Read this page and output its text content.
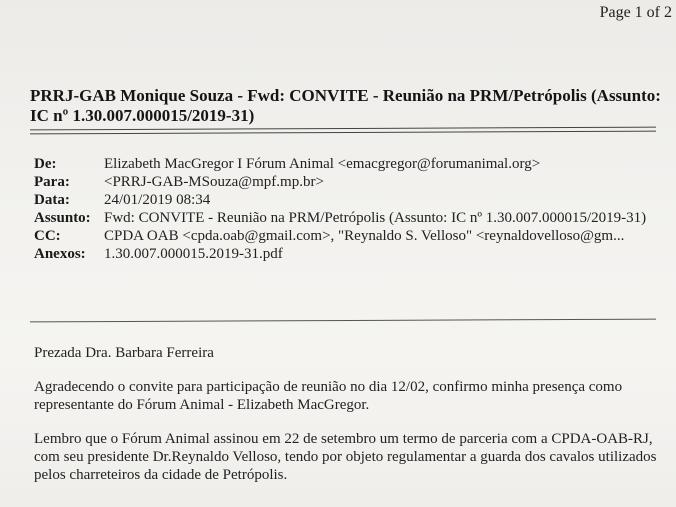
Page 1 of 2
PRRJ-GAB Monique Souza - Fwd: CONVITE - Reunião na PRM/Petrópolis (Assunto: IC nº 1.30.007.000015/2019-31)
De:	Elizabeth MacGregor I Fórum Animal <emacgregor@forumanimal.org>
Para:	<PRRJ-GAB-MSouza@mpf.mp.br>
Data:	24/01/2019 08:34
Assunto:	Fwd: CONVITE - Reunião na PRM/Petrópolis (Assunto: IC nº 1.30.007.000015/2019-31)
CC:	CPDA OAB <cpda.oab@gmail.com>, "Reynaldo S. Velloso" <reynaldovelloso@gm...
Anexos:	1.30.007.000015.2019-31.pdf

Prezada Dra. Barbara Ferreira

Agradecendo o convite para participação de reunião no dia 12/02, confirmo minha presença como representante do Fórum Animal - Elizabeth MacGregor.

Lembro que o Fórum Animal assinou em 22 de setembro um termo de parceria com a CPDA-OAB-RJ, com seu presidente Dr.Reynaldo Velloso, tendo por objeto regulamentar a guarda dos cavalos utilizados pelos charreteiros da cidade de Petrópolis.
